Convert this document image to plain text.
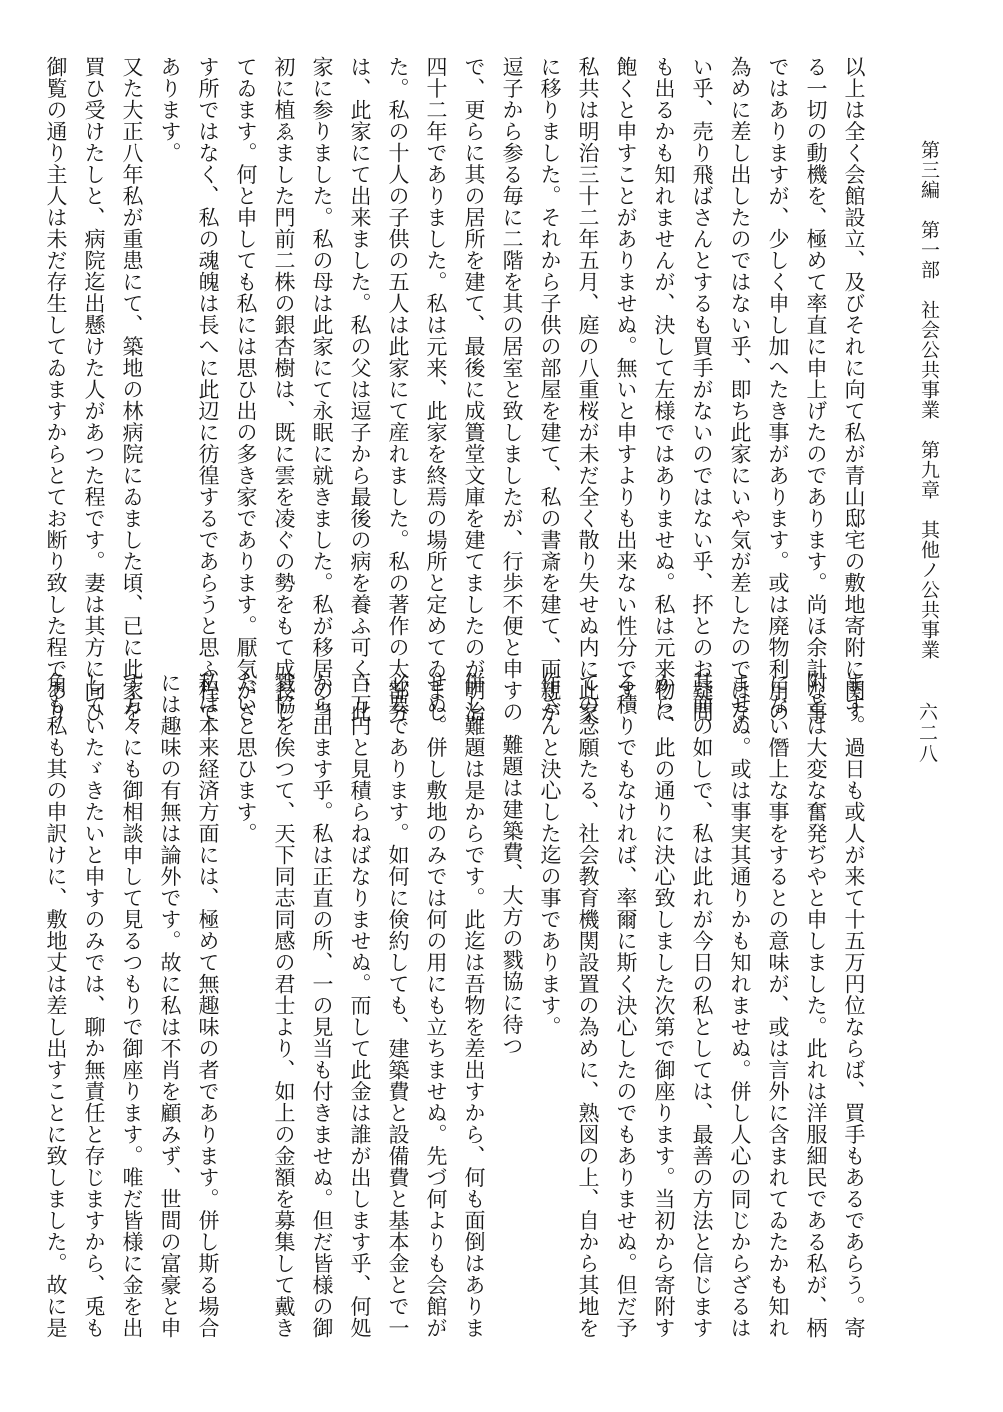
第三編　第一部　社会公共事業　第九章　其他ノ公共事業
六二八
以上は全く会館設立、及びそれに向て私が青山邸宅の敷地寄附に関す
る一切の動機を、極めて率直に申上げたのであります。尚ほ余計な事
ではありますが、少しく申し加へたき事があります。或は廃物利用の
為めに差し出したのではない乎、即ち此家にいや気が差したのではな
い乎、売り飛ばさんとするも買手がないのではない乎、抔とのお疑問
も出るかも知れませんが、決して左様ではありませぬ。私は元来物に
飽くと申すことがありませぬ。無いと申すよりも出来ない性分です。
私共は明治三十二年五月、庭の八重桜が未だ全く散り失せぬ内に此家
に移りました。それから子供の部屋を建て、私の書斎を建て、両親が
逗子から参る毎に二階を其の居室と致しましたが、行歩不便と申すの
で、更らに其の居所を建て、最後に成簣堂文庫を建てましたのが明治
四十二年でありました。私は元来、此家を終焉の場所と定めてゐまし
た。私の十人の子供の五人は此家にて産れました。私の著作の大部分
は、此家にて出来ました。私の父は逗子から最後の病を養ふ可く、此
家に参りました。私の母は此家にて永眠に就きました。私が移居の当
初に植ゑました門前二株の銀杏樹は、既に雲を凌ぐの勢をもて成長し
てゐます。何と申しても私には思ひ出の多き家であります。厭気がさ
す所ではなく、私の魂魄は長へに此辺に彷徨するであらうと思ふ程で
あります。
又た大正八年私が重患にて、築地の林病院にゐました頃、已に此家を
買ひ受けたしと、病院迄出懸けた人があつた程です。妻は其方に向ひ
御覧の通り主人は未だ存生してゐますからとてお断り致した程であり
ます。過日も或人が来て十五万円位ならば、買手もあるであらう。寄
附とは大変な奮発ぢやと申しました。此れは洋服細民である私が、柄
にない僭上な事をするとの意味が、或は言外に含まれてゐたかも知れ
ませぬ。或は事実其通りかも知れませぬ。併し人心の同じからざるは
其面の如しで、私は此れが今日の私としては、最善の方法と信じます
から、此の通りに決心致しました次第で御座ります。当初から寄附す
る積りでもなければ、率爾に斯く決心したのでもありませぬ。但だ予
ての念願たる、社会教育機関設置の為めに、熟図の上、自から其地を
作さんと決心した迄の事であります。
難題は建築費、大方の戮協に待つ
併し難題は是からです。此迄は吾物を差出すから、何も面倒はありま
せぬ。併し敷地のみでは何の用にも立ちませぬ。先づ何よりも会館が
必要であります。如何に倹約しても、建築費と設備費と基本金とで一
百万円と見積らねばなりませぬ。而して此金は誰が出します乎、何処
から出ます乎。私は正直の所、一の見当も付きませぬ。但だ皆様の御
戮協を俟つて、天下同志同感の君士より、如上の金額を募集して戴き
たいと思ひます。
私は本来経済方面には、極めて無趣味の者であります。併し斯る場合
には趣味の有無は論外です。故に私は不肖を顧みず、世間の富豪と申
す方々にも御相談申して見るつもりで御座ります。唯だ皆様に金を出
していたゞきたいと申すのみでは、聊か無責任と存じますから、兎も
角も私も其の申訳けに、敷地丈は差し出すことに致しました。故に是
